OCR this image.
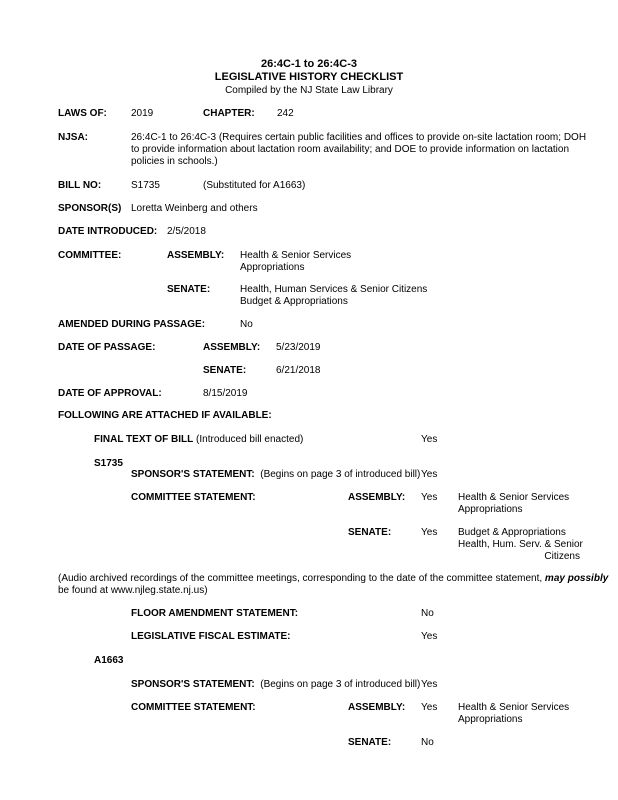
26:4C-1 to 26:4C-3
LEGISLATIVE HISTORY CHECKLIST
Compiled by the NJ State Law Library
LAWS OF: 2019	CHAPTER: 242
NJSA:	26:4C-1 to 26:4C-3 (Requires certain public facilities and offices to provide on-site lactation room; DOH to provide information about lactation room availability; and DOE to provide information on lactation policies in schools.)
BILL NO:	S1735	(Substituted for A1663)
SPONSOR(S) Loretta Weinberg and others
DATE INTRODUCED: 2/5/2018
COMMITTEE:	ASSEMBLY: Health & Senior Services
Appropriations
SENATE:	Health, Human Services & Senior Citizens
Budget & Appropriations
AMENDED DURING PASSAGE:	No
DATE OF PASSAGE:	ASSEMBLY: 5/23/2019
SENATE:	6/21/2018
DATE OF APPROVAL:	8/15/2019
FOLLOWING ARE ATTACHED IF AVAILABLE:
FINAL TEXT OF BILL (Introduced bill enacted)	Yes
S1735
SPONSOR'S STATEMENT: (Begins on page 3 of introduced bill) Yes
COMMITTEE STATEMENT:	ASSEMBLY: Yes Health & Senior Services
Appropriations
SENATE:	Yes Budget & Appropriations
Health, Hum. Serv. & Senior
Citizens
(Audio archived recordings of the committee meetings, corresponding to the date of the committee statement, may possibly
be found at www.njleg.state.nj.us)
FLOOR AMENDMENT STATEMENT:	No
LEGISLATIVE FISCAL ESTIMATE:	Yes
A1663
SPONSOR'S STATEMENT: (Begins on page 3 of introduced bill) Yes
COMMITTEE STATEMENT:	ASSEMBLY: Yes Health & Senior Services
Appropriations
SENATE:	No
